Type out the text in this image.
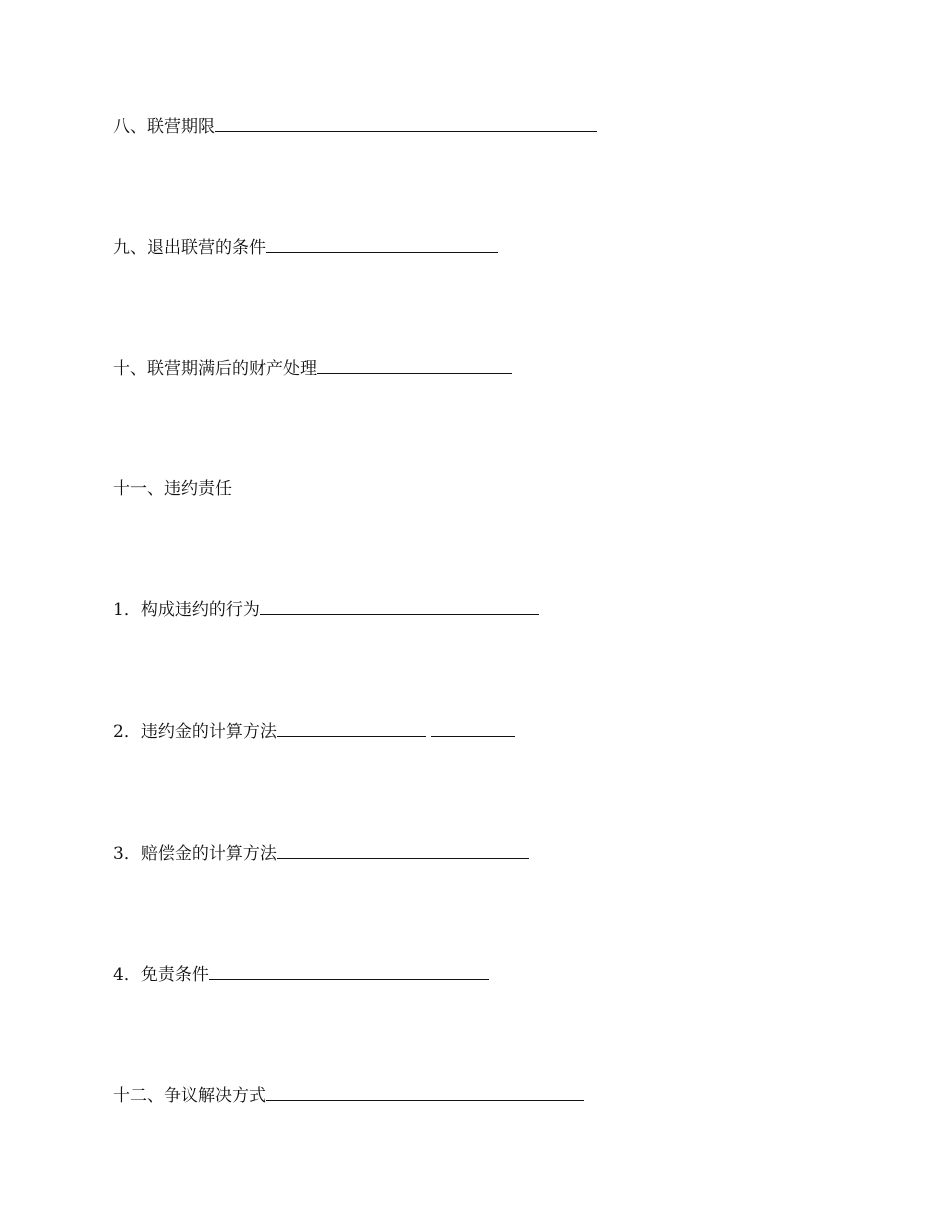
八、联营期限
九、退出联营的条件
十、联营期满后的财产处理
十一、违约责任
1．构成违约的行为
2．违约金的计算方法
3．赔偿金的计算方法
4．免责条件
十二、争议解决方式
